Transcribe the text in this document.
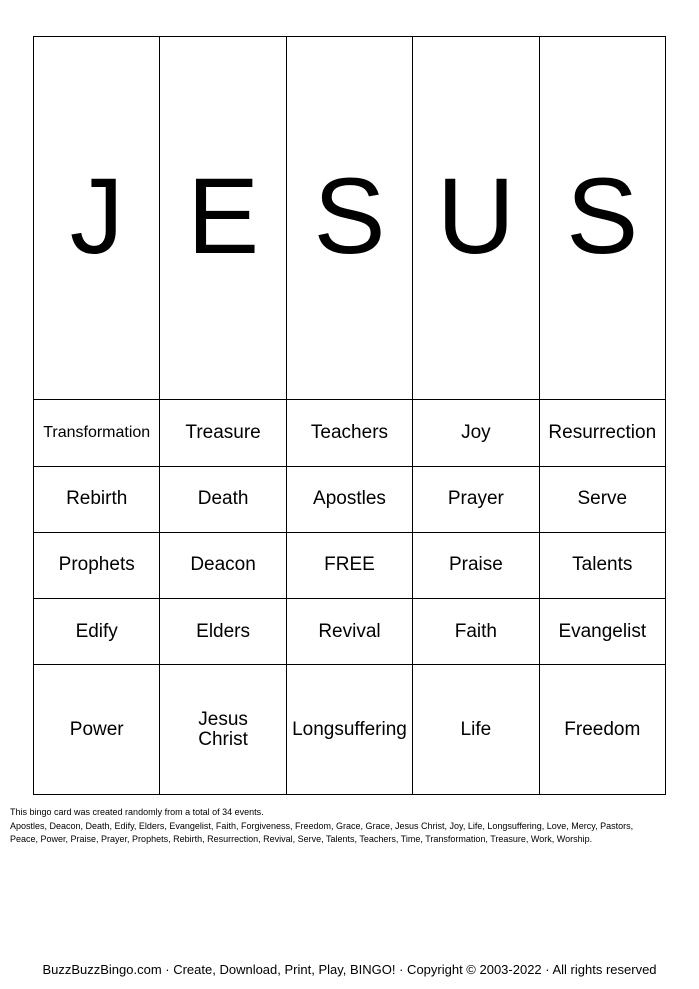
J	E	S	U	S
Transformation	Treasure	Teachers	Joy	Resurrection
Rebirth	Death	Apostles	Prayer	Serve
Prophets	Deacon	FREE	Praise	Talents
Edify	Elders	Revival	Faith	Evangelist
Power	Jesus Christ	Longsuffering	Life	Freedom
This bingo card was created randomly from a total of 34 events.
Apostles, Deacon, Death, Edify, Elders, Evangelist, Faith, Forgiveness, Freedom, Grace, Grace, Jesus Christ, Joy, Life, Longsuffering, Love, Mercy, Pastors,
Peace, Power, Praise, Prayer, Prophets, Rebirth, Resurrection, Revival, Serve, Talents, Teachers, Time, Transformation, Treasure, Work, Worship.
BuzzBuzzBingo.com · Create, Download, Print, Play, BINGO! · Copyright © 2003-2022 · All rights reserved
